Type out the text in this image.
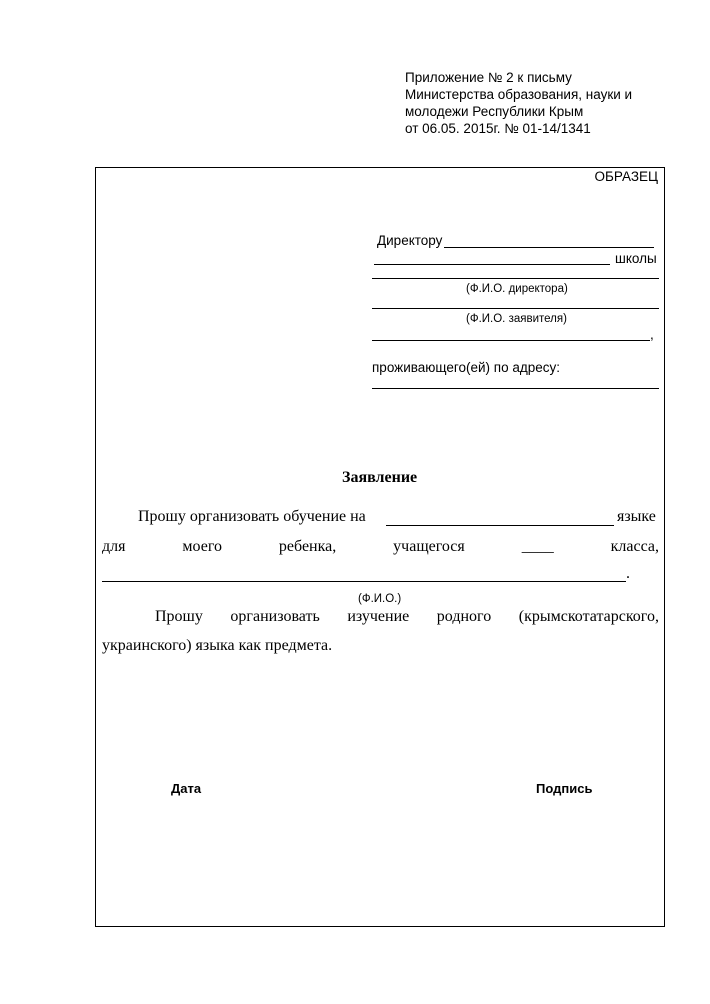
Приложение № 2 к письму
Министерства образования, науки и
молодежи Республики Крым
от 06.05. 2015г. № 01-14/1341
ОБРАЗЕЦ
Директору
школы
(Ф.И.О. директора)
(Ф.И.О. заявителя)
,
проживающего(ей) по адресу:
Заявление
Прошу организовать обучение на	языке
для	моего	ребенка,	учащегося	____	класса,
.
(Ф.И.О.)
Прошу организовать изучение родного (крымскотатарского,
украинского) языка как предмета.
Дата	Подпись
